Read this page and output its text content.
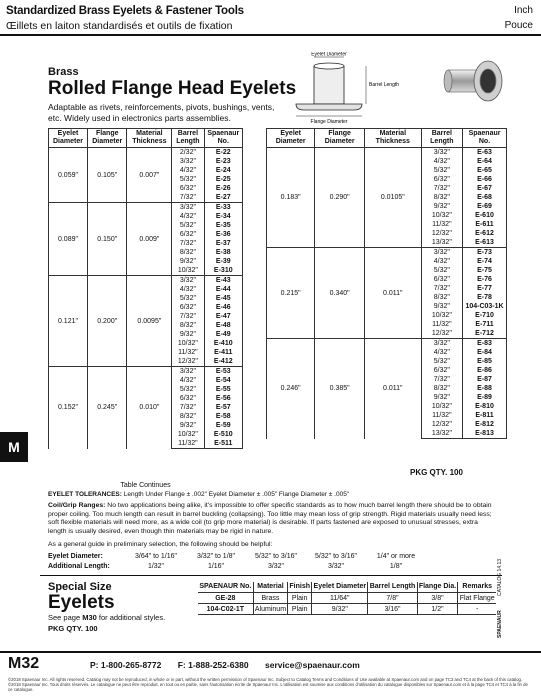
Standardized Brass Eyelets & Fastener Tools
Œillets en laiton standardisés et outils de fixation
Inch
Pouce
Brass
Rolled Flange Head Eyelets
Adaptable as rivets, reinforcements, pivots, bushings, vents, etc. Widely used in electronics parts assemblies.
Eyelet Diameter
Barrel Length
Flange Diameter
Eyelet Diameter	Flange Diameter	Material Thickness	Barrel Length	Spaenaur No.
0.059"	0.105"	0.007"	2/32"	E-22
			3/32"	E-23
			4/32"	E-24
			5/32"	E-25
			6/32"	E-26
			7/32"	E-27
0.089"	0.150"	0.009"	3/32"	E-33
			4/32"	E-34
			5/32"	E-35
			6/32"	E-36
			7/32"	E-37
			8/32"	E-38
			9/32"	E-39
			10/32"	E-310
0.121"	0.200"	0.0095"	3/32"	E-43
			4/32"	E-44
			5/32"	E-45
			6/32"	E-46
			7/32"	E-47
			8/32"	E-48
			9/32"	E-49
			10/32"	E-410
			11/32"	E-411
			12/32"	E-412
0.152"	0.245"	0.010"	3/32"	E-53
			4/32"	E-54
			5/32"	E-55
			6/32"	E-56
			7/32"	E-57
			8/32"	E-58
			9/32"	E-59
			10/32"	E-510
			11/32"	E-511
Table Continues
Eyelet Diameter	Flange Diameter	Material Thickness	Barrel Length	Spaenaur No.
0.183"	0.290"	0.0105"	3/32"	E-63
			4/32"	E-64
			5/32"	E-65
			6/32"	E-66
			7/32"	E-67
			8/32"	E-68
			9/32"	E-69
			10/32"	E-610
			11/32"	E-611
			12/32"	E-612
			13/32"	E-613
0.215"	0.340"	0.011"	3/32"	E-73
			4/32"	E-74
			5/32"	E-75
			6/32"	E-76
			7/32"	E-77
			8/32"	E-78
			9/32"	104-C03-1K
			10/32"	E-710
			11/32"	E-711
			12/32"	E-712
0.246"	0.385"	0.011"	3/32"	E-83
			4/32"	E-84
			5/32"	E-85
			6/32"	E-86
			7/32"	E-87
			8/32"	E-88
			9/32"	E-89
			10/32"	E-810
			11/32"	E-811
			12/32"	E-812
			13/32"	E-813
PKG QTY. 100
EYELET TOLERANCES: Length Under Flange ± .002" Eyelet Diameter ± .005" Flange Diameter ± .005"
Coil/Grip Ranges: No two applications being alike, it's impossible to offer specific standards as to how much barrel length there should be to obtain proper coiling. Too much length can result in barrel buckling (collapsing). Too little may mean loss of grip strength. Rigid materials usually need less; soft flexible materials will need more, as a wide coil (to grip more material) is desirable. If parts fastened are exposed to unusual stresses, extra length is usually desired, even though thin materials may be rigid in nature.
As a general guide in preliminary selection, the following should be helpful:
Eyelet Diameter:	3/64" to 1/16"	3/32" to 1/8"	5/32" to 3/16"	5/32" to 3/16"	1/4" or more
Additional Length:	1/32"	1/16"	3/32"	3/32"	1/8"
Special Size
Eyelets
See page M30 for additional styles.
PKG QTY. 100
SPAENAUR No.	Material	Finish	Eyelet Diameter	Barrel Length	Flange Dia.	Remarks
GE-28	Brass	Plain	11/64"	7/8"	3/8"	Flat Flange
104-C02-1T	Aluminum	Plain	9/32"	3/16"	1/2"	-
M
CATALOG 14.13
SPAENAUR
M32	P: 1-800-265-8772 F: 1-888-252-6380 service@spaenaur.com
©2018 Spaenaur Inc. All rights reserved. Catalog may not be reproduced, in whole or in part, without the written permission of Spaenaur Inc. Subject to Catalog Terms and Conditions of Use available at Spaenaur.com and on page TC3 and TC4 at the back of this catalog. ©2018 Spaenaur Inc. Tous droits réservés. Le catalogue ne peut être reproduit, en tout ou en partie, sans l'autorisation écrite de Spaenaur Inc. L'utilisation est soumise aux conditions d'utilisation du catalogue disponibles sur Spaenaur.com et à la page TC4 et TC4 à la fin de ce catalogue.
